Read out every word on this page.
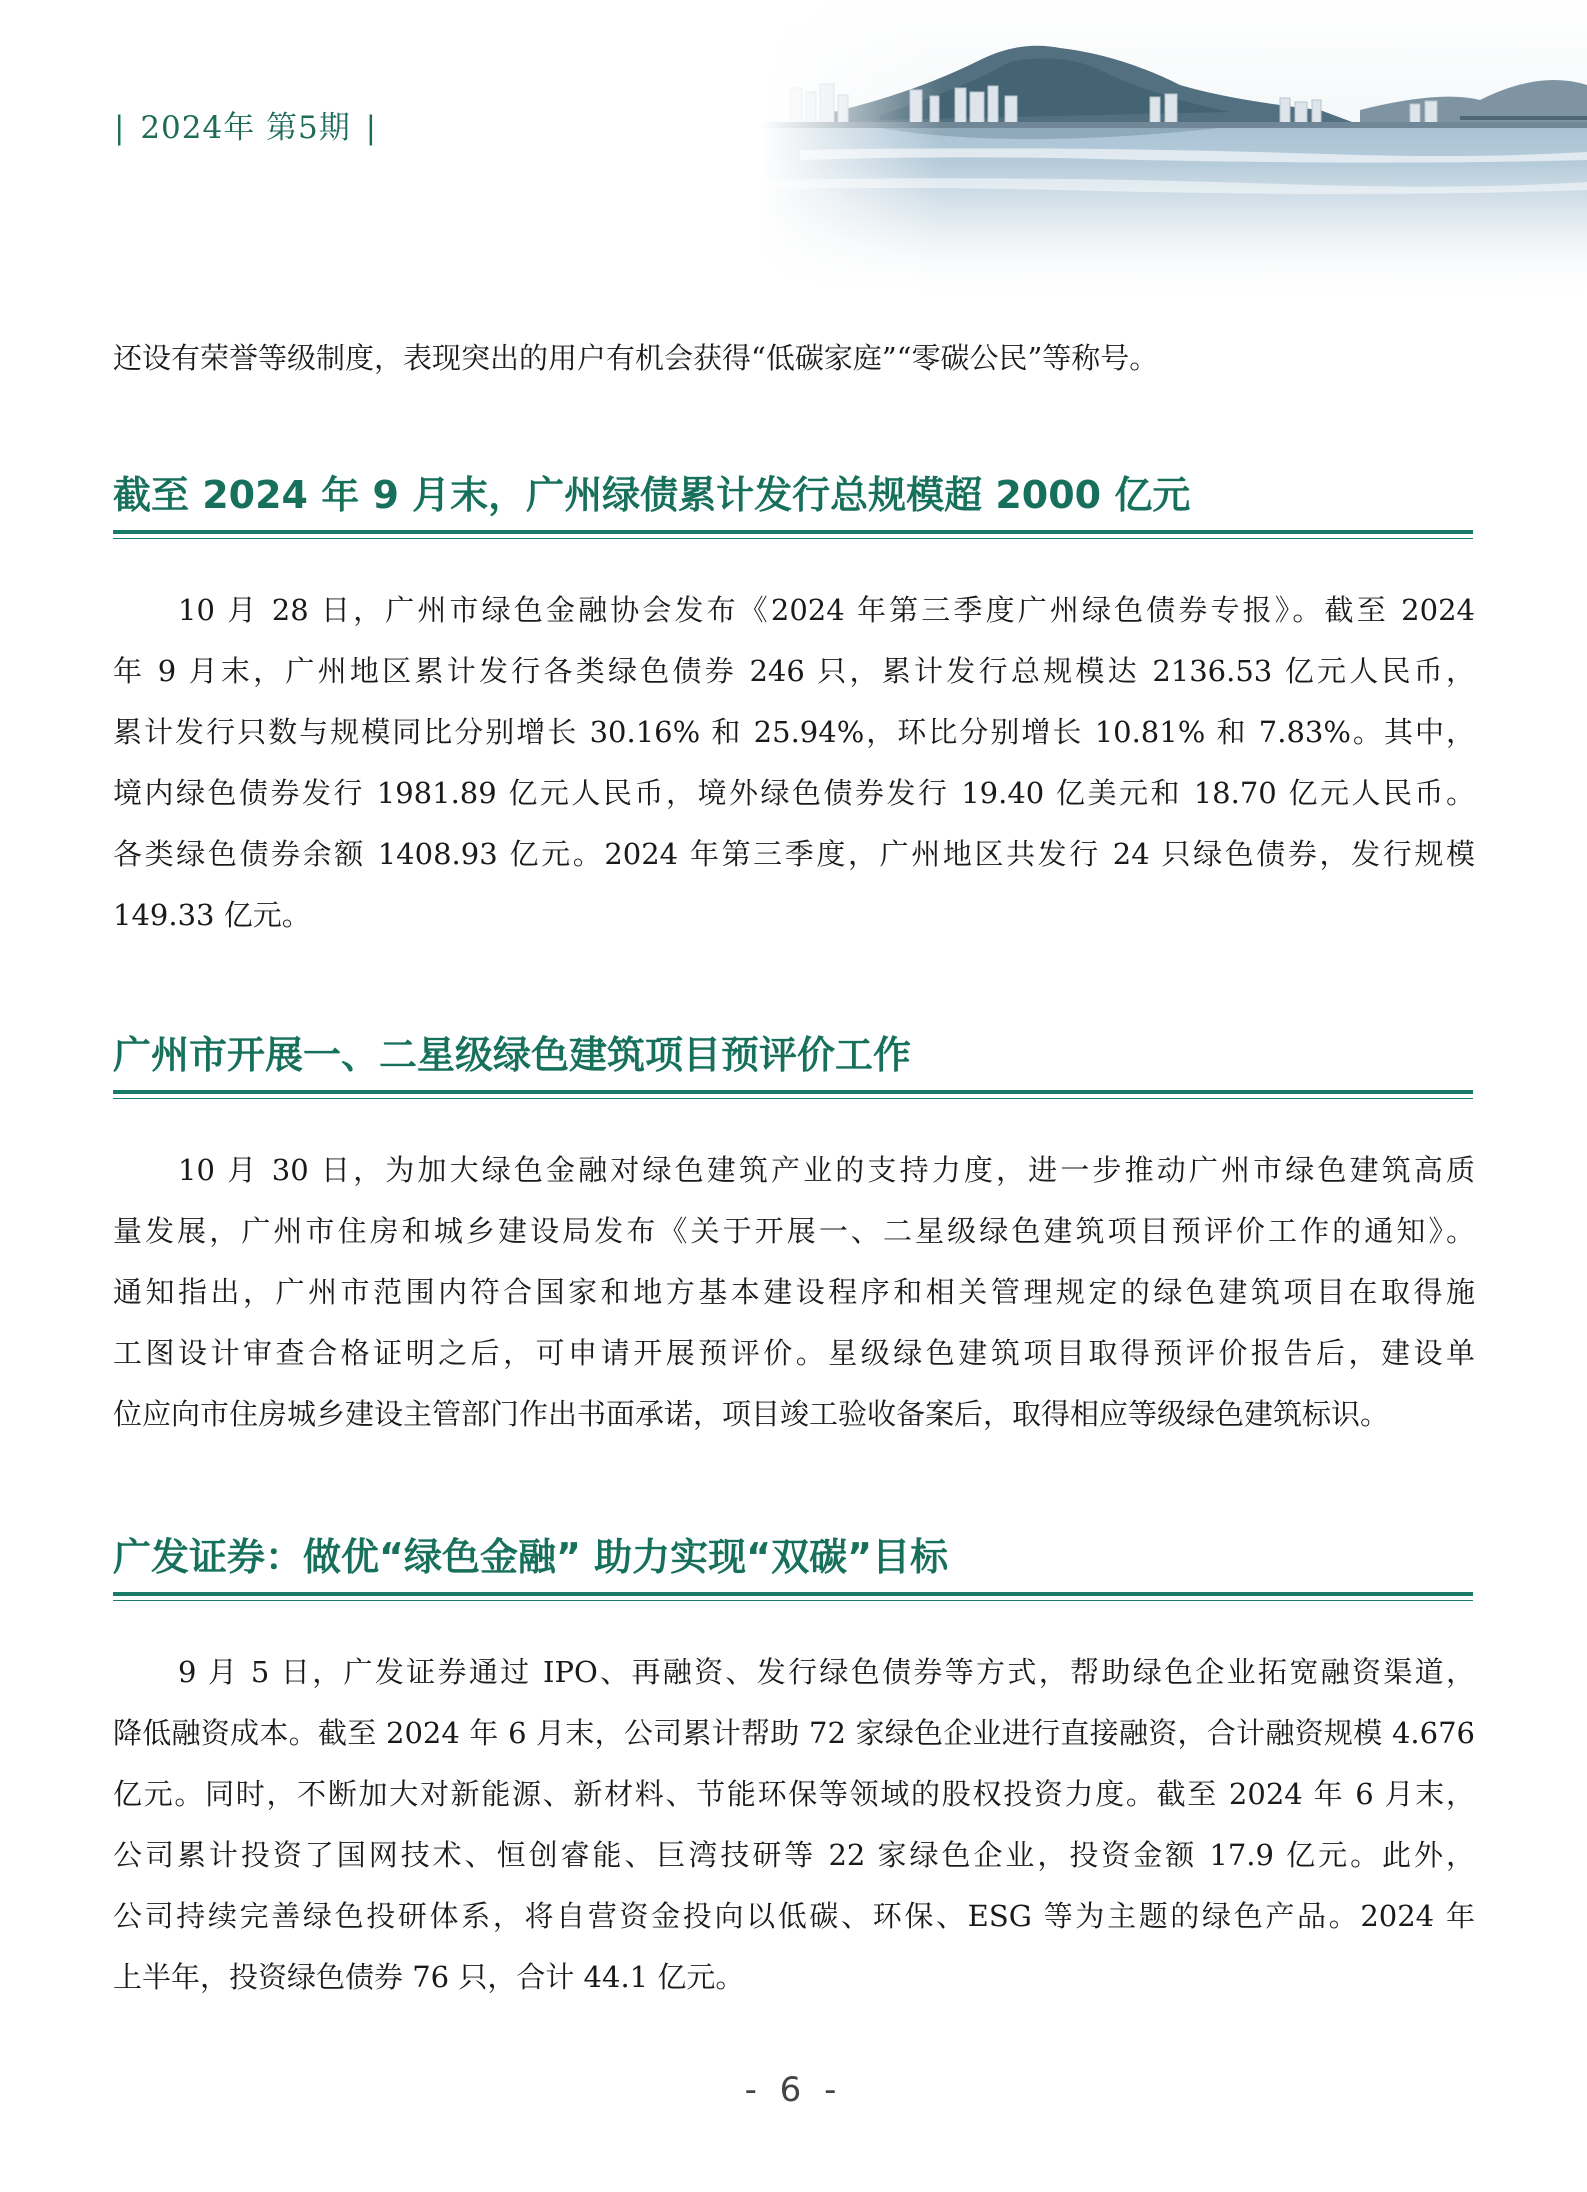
| 2024年 第5期 |
还设有荣誉等级制度，表现突出的用户有机会获得“低碳家庭”“零碳公民”等称号。
截至 2024 年 9 月末，广州绿债累计发行总规模超 2000 亿元
10 月 28 日，广州市绿色金融协会发布《2024 年第三季度广州绿色债券专报》。截至 2024
年 9 月末，广州地区累计发行各类绿色债券 246 只，累计发行总规模达 2136.53 亿元人民币，
累计发行只数与规模同比分别增长 30.16% 和 25.94%，环比分别增长 10.81% 和 7.83%。其中，
境内绿色债券发行 1981.89 亿元人民币，境外绿色债券发行 19.40 亿美元和 18.70 亿元人民币。
各类绿色债券余额 1408.93 亿元。2024 年第三季度，广州地区共发行 24 只绿色债券，发行规模
149.33 亿元。
广州市开展一、二星级绿色建筑项目预评价工作
10 月 30 日，为加大绿色金融对绿色建筑产业的支持力度，进一步推动广州市绿色建筑高质
量发展，广州市住房和城乡建设局发布《关于开展一、二星级绿色建筑项目预评价工作的通知》。
通知指出，广州市范围内符合国家和地方基本建设程序和相关管理规定的绿色建筑项目在取得施
工图设计审查合格证明之后，可申请开展预评价。星级绿色建筑项目取得预评价报告后，建设单
位应向市住房城乡建设主管部门作出书面承诺，项目竣工验收备案后，取得相应等级绿色建筑标识。
广发证券：做优“绿色金融” 助力实现“双碳”目标
9 月 5 日，广发证券通过 IPO、再融资、发行绿色债券等方式，帮助绿色企业拓宽融资渠道，
降低融资成本。截至 2024 年 6 月末，公司累计帮助 72 家绿色企业进行直接融资，合计融资规模 4.676
亿元。同时，不断加大对新能源、新材料、节能环保等领域的股权投资力度。截至 2024 年 6 月末，
公司累计投资了国网技术、恒创睿能、巨湾技研等 22 家绿色企业，投资金额 17.9 亿元。此外，
公司持续完善绿色投研体系，将自营资金投向以低碳、环保、ESG 等为主题的绿色产品。2024 年
上半年，投资绿色债券 76 只，合计 44.1 亿元。
- 6 -
